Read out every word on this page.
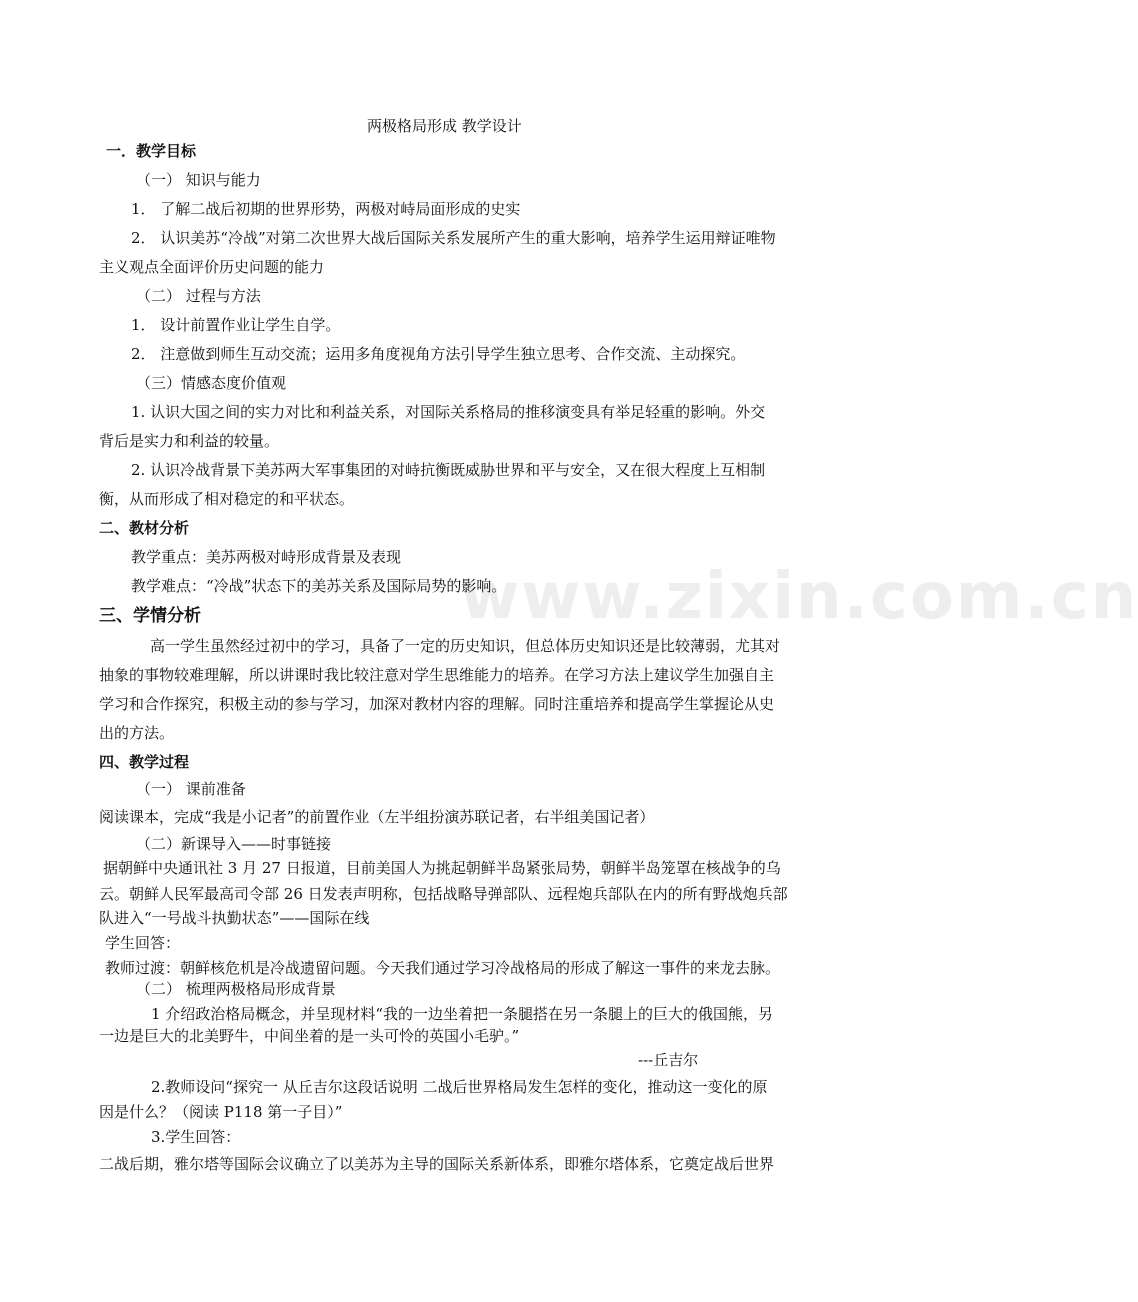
www.zixin.com.cn
两极格局形成 教学设计
一．教学目标
（一） 知识与能力
1． 了解二战后初期的世界形势，两极对峙局面形成的史实
2． 认识美苏“冷战”对第二次世界大战后国际关系发展所产生的重大影响，培养学生运用辩证唯物
主义观点全面评价历史问题的能力
（二） 过程与方法
1． 设计前置作业让学生自学。
2． 注意做到师生互动交流；运用多角度视角方法引导学生独立思考、合作交流、主动探究。
（三）情感态度价值观
1. 认识大国之间的实力对比和利益关系，对国际关系格局的推移演变具有举足轻重的影响。外交
背后是实力和利益的较量。
2. 认识冷战背景下美苏两大军事集团的对峙抗衡既威胁世界和平与安全，又在很大程度上互相制
衡，从而形成了相对稳定的和平状态。
二、教材分析
教学重点：美苏两极对峙形成背景及表现
教学难点：“冷战”状态下的美苏关系及国际局势的影响。
三、学情分析
高一学生虽然经过初中的学习，具备了一定的历史知识，但总体历史知识还是比较薄弱，尤其对
抽象的事物较难理解，所以讲课时我比较注意对学生思维能力的培养。在学习方法上建议学生加强自主
学习和合作探究，积极主动的参与学习，加深对教材内容的理解。同时注重培养和提高学生掌握论从史
出的方法。
四、教学过程
（一） 课前准备
阅读课本，完成“我是小记者”的前置作业（左半组扮演苏联记者，右半组美国记者）
（二）新课导入——时事链接
据朝鲜中央通讯社 3 月 27 日报道，目前美国人为挑起朝鲜半岛紧张局势，朝鲜半岛笼罩在核战争的乌
云。朝鲜人民军最高司令部 26 日发表声明称，包括战略导弹部队、远程炮兵部队在内的所有野战炮兵部
队进入“一号战斗执勤状态”——国际在线
学生回答：
教师过渡：朝鲜核危机是冷战遗留问题。今天我们通过学习冷战格局的形成了解这一事件的来龙去脉。
（二） 梳理两极格局形成背景
1 介绍政治格局概念，并呈现材料“我的一边坐着把一条腿搭在另一条腿上的巨大的俄国熊，另
一边是巨大的北美野牛，中间坐着的是一头可怜的英国小毛驴。”
---丘吉尔
2.教师设问“探究一 从丘吉尔这段话说明 二战后世界格局发生怎样的变化，推动这一变化的原
因是什么？（阅读 P118 第一子目）”
3.学生回答：
二战后期，雅尔塔等国际会议确立了以美苏为主导的国际关系新体系，即雅尔塔体系，它奠定战后世界
